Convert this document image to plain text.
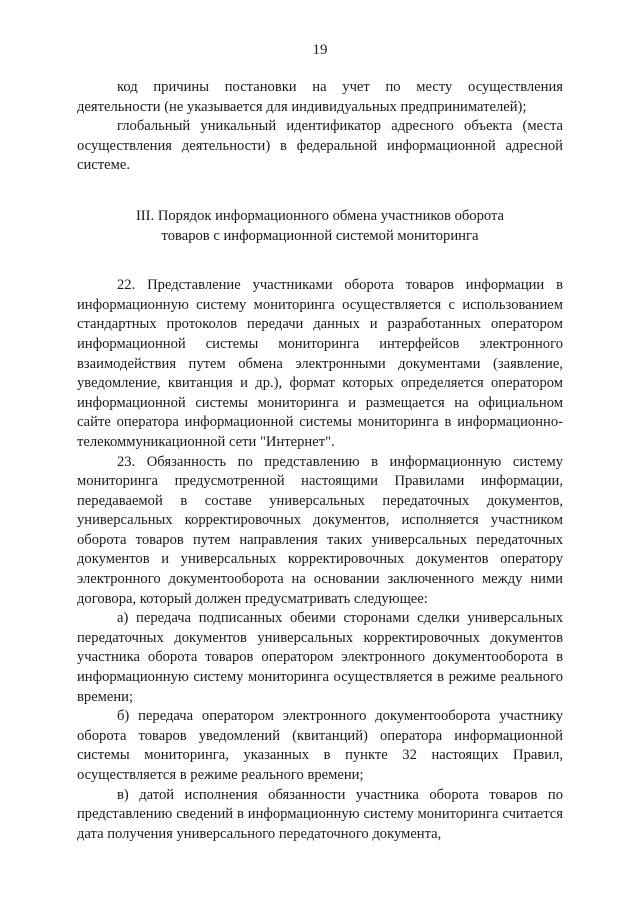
19

код причины постановки на учет по месту осуществления деятельности (не указывается для индивидуальных предпринимателей);

глобальный уникальный идентификатор адресного объекта (места осуществления деятельности) в федеральной информационной адресной системе.

III. Порядок информационного обмена участников оборота
товаров с информационной системой мониторинга

22. Представление участниками оборота товаров информации в информационную систему мониторинга осуществляется с использованием стандартных протоколов передачи данных и разработанных оператором информационной системы мониторинга интерфейсов электронного взаимодействия путем обмена электронными документами (заявление, уведомление, квитанция и др.), формат которых определяется оператором информационной системы мониторинга и размещается на официальном сайте оператора информационной системы мониторинга в информационно-телекоммуникационной сети "Интернет".

23. Обязанность по представлению в информационную систему мониторинга предусмотренной настоящими Правилами информации, передаваемой в составе универсальных передаточных документов, универсальных корректировочных документов, исполняется участником оборота товаров путем направления таких универсальных передаточных документов и универсальных корректировочных документов оператору электронного документооборота на основании заключенного между ними договора, который должен предусматривать следующее:

а) передача подписанных обеими сторонами сделки универсальных передаточных документов универсальных корректировочных документов участника оборота товаров оператором электронного документооборота в информационную систему мониторинга осуществляется в режиме реального времени;

б) передача оператором электронного документооборота участнику оборота товаров уведомлений (квитанций) оператора информационной системы мониторинга, указанных в пункте 32 настоящих Правил, осуществляется в режиме реального времени;

в) датой исполнения обязанности участника оборота товаров по представлению сведений в информационную систему мониторинга считается дата получения универсального передаточного документа,
